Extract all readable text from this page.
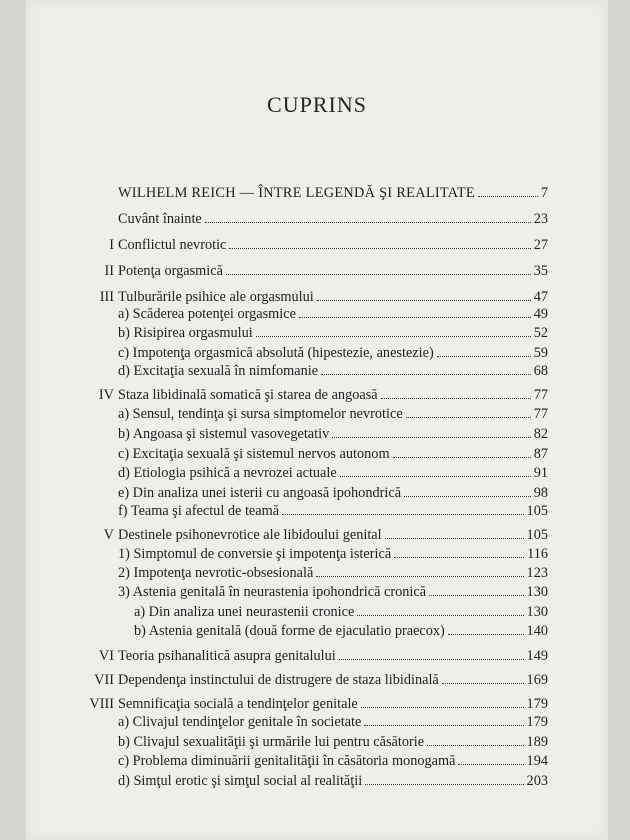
CUPRINS
WILHELM REICH — ÎNTRE LEGENDĂ ŞI REALITATE	7
Cuvânt înainte	23
I Conflictul nevrotic	27
II Potenţa orgasmică	35
III Tulburările psihice ale orgasmului	47
a) Scăderea potenţei orgasmice	49
b) Risipirea orgasmului	52
c) Impotenţa orgasmică absolută (hipestezie, anestezie)	59
d) Excitaţia sexuală în nimfomanie	68
IV Staza libidinală somatică şi starea de angoasă	77
a) Sensul, tendinţa şi sursa simptomelor nevrotice	77
b) Angoasa şi sistemul vasovegetativ	82
c) Excitaţia sexuală şi sistemul nervos autonom	87
d) Etiologia psihică a nevrozei actuale	91
e) Din analiza unei isterii cu angoasă ipohondrică	98
f) Teama şi afectul de teamă	105
V Destinele psihonevrotice ale libidoului genital	105
1) Simptomul de conversie şi impotenţa isterică	116
2) Impotenţa nevrotic-obsesională	123
3) Astenia genitală în neurastenia ipohondrică cronică	130
a) Din analiza unei neurastenii cronice	130
b) Astenia genitală (două forme de ejaculatio praecox)	140
VI Teoria psihanalitică asupra genitalului	149
VII Dependenţa instinctului de distrugere de staza libidinală	169
VIII Semnificaţia socială a tendinţelor genitale	179
a) Clivajul tendinţelor genitale în societate	179
b) Clivajul sexualităţii şi urmările lui pentru căsătorie	189
c) Problema diminuării genitalităţii în căsătoria monogamă	194
d) Simţul erotic şi simţul social al realităţii	203
